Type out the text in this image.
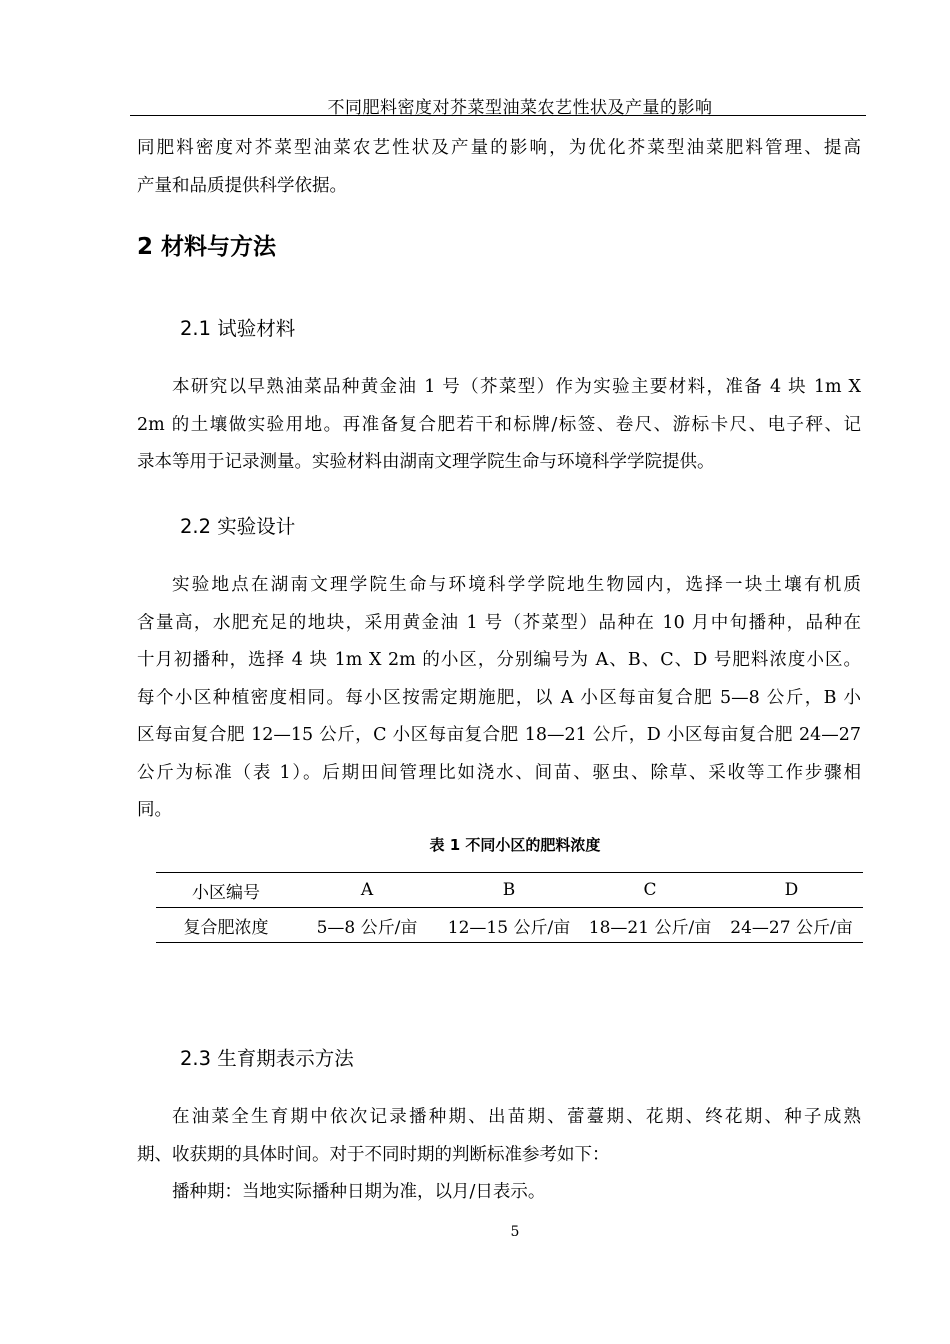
不同肥料密度对芥菜型油菜农艺性状及产量的影响
同肥料密度对芥菜型油菜农艺性状及产量的影响，为优化芥菜型油菜肥料管理、提高
产量和品质提供科学依据。
2 材料与方法
2.1 试验材料
本研究以早熟油菜品种黄金油 1 号（芥菜型）作为实验主要材料，准备 4 块 1m X
2m 的土壤做实验用地。再准备复合肥若干和标牌/标签、卷尺、游标卡尺、电子秤、记
录本等用于记录测量。实验材料由湖南文理学院生命与环境科学学院提供。
2.2 实验设计
实验地点在湖南文理学院生命与环境科学学院地生物园内，选择一块土壤有机质
含量高，水肥充足的地块，采用黄金油 1 号（芥菜型）品种在 10 月中旬播种，品种在
十月初播种，选择 4 块 1m X 2m 的小区，分别编号为 A、B、C、D 号肥料浓度小区。
每个小区种植密度相同。每小区按需定期施肥，以 A 小区每亩复合肥 5—8 公斤，B 小
区每亩复合肥 12—15 公斤，C 小区每亩复合肥 18—21 公斤，D 小区每亩复合肥 24—27
公斤为标准（表 1）。后期田间管理比如浇水、间苗、驱虫、除草、采收等工作步骤相
同。
表 1 不同小区的肥料浓度
小区编号	A	B	C	D
复合肥浓度	5—8 公斤/亩	12—15 公斤/亩	18—21 公斤/亩	24—27 公斤/亩
2.3 生育期表示方法
在油菜全生育期中依次记录播种期、出苗期、蕾薹期、花期、终花期、种子成熟
期、收获期的具体时间。对于不同时期的判断标准参考如下：
播种期：当地实际播种日期为准，以月/日表示。
5
